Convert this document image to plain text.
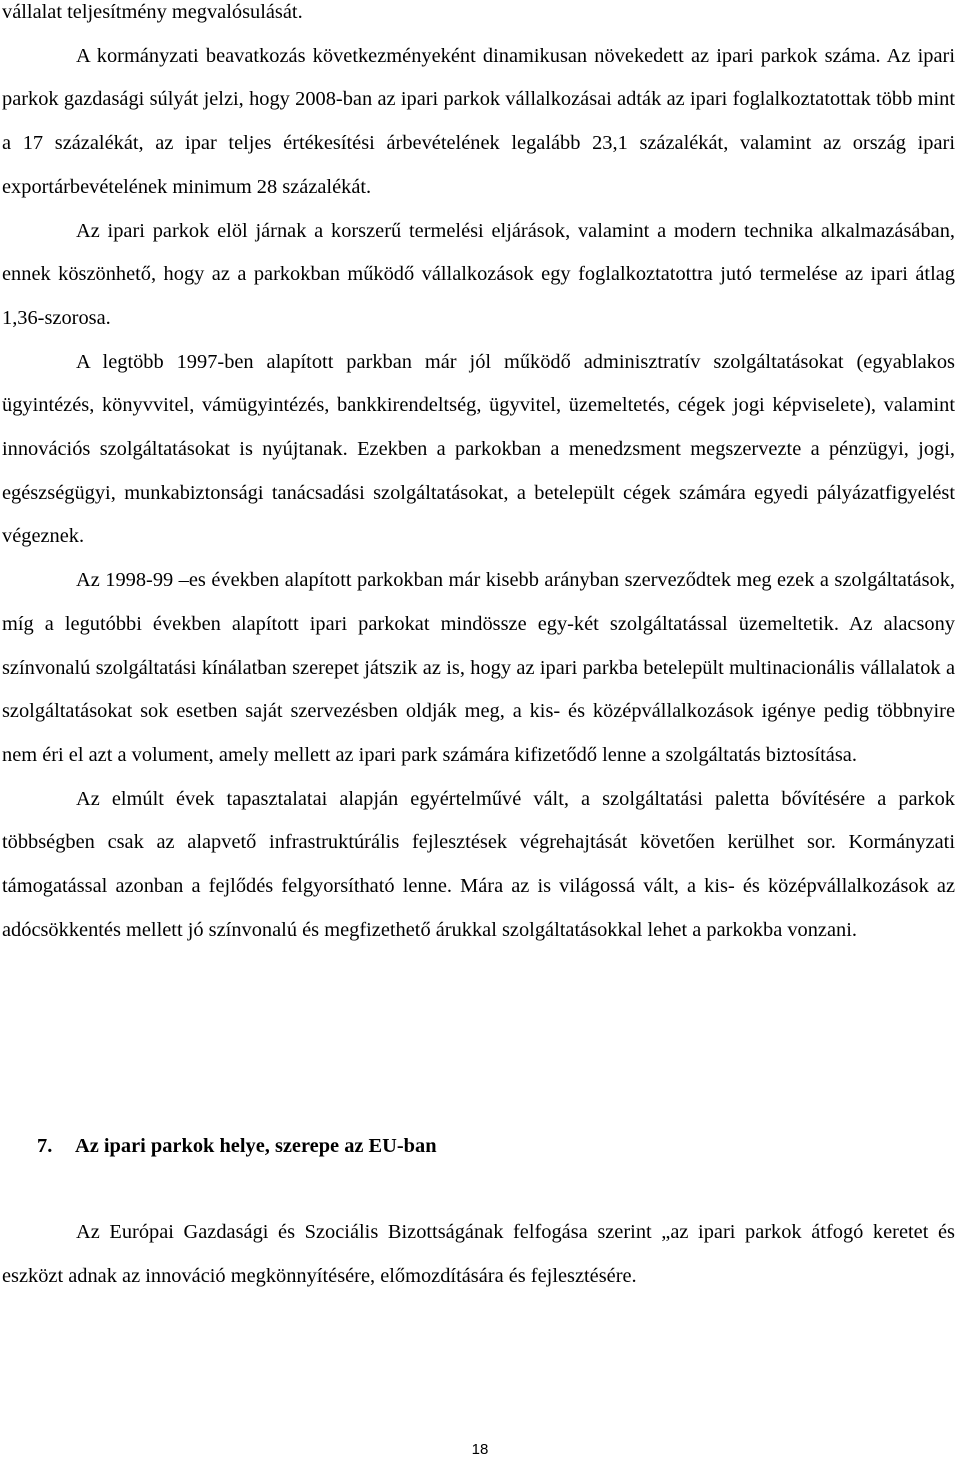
vállalat teljesítmény megvalósulását.

A kormányzati beavatkozás következményeként dinamikusan növekedett az ipari parkok száma. Az ipari parkok gazdasági súlyát jelzi, hogy 2008-ban az ipari parkok vállalkozásai adták az ipari foglalkoztatottak több mint a 17 százalékát, az ipar teljes értékesítési árbevételének legalább 23,1 százalékát, valamint az ország ipari exportárbevételének minimum 28 százalékát.

Az ipari parkok elöl járnak a korszerű termelési eljárások, valamint a modern technika alkalmazásában, ennek köszönhető, hogy az a parkokban működő vállalkozások egy foglalkoztatottra jutó termelése az ipari átlag 1,36-szorosa.

A legtöbb 1997-ben alapított parkban már jól működő adminisztratív szolgáltatásokat (egyablakos ügyintézés, könyvvitel, vámügyintézés, bankkirendeltség, ügyvitel, üzemeltetés, cégek jogi képviselete), valamint innovációs szolgáltatásokat is nyújtanak. Ezekben a parkokban a menedzsment megszervezte a pénzügyi, jogi, egészségügyi, munkabiztonsági tanácsadási szolgáltatásokat, a betelepült cégek számára egyedi pályázatfigyelést végeznek.

Az 1998-99 –es években alapított parkokban már kisebb arányban szerveződtek meg ezek a szolgáltatások, míg a legutóbbi években alapított ipari parkokat mindössze egy-két szolgáltatással üzemeltetik. Az alacsony színvonalú szolgáltatási kínálatban szerepet játszik az is, hogy az ipari parkba betelepült multinacionális vállalatok a szolgáltatásokat sok esetben saját szervezésben oldják meg, a kis- és középvállalkozások igénye pedig többnyire nem éri el azt a volument, amely mellett az ipari park számára kifizetődő lenne a szolgáltatás biztosítása.

Az elmúlt évek tapasztalatai alapján egyértelművé vált, a szolgáltatási paletta bővítésére a parkok többségben csak az alapvető infrastruktúrális fejlesztések végrehajtását követően kerülhet sor. Kormányzati támogatással azonban a fejlődés felgyorsítható lenne. Mára az is világossá vált, a kis- és középvállalkozások az adócsökkentés mellett jó színvonalú és megfizethető árukkal szolgáltatásokkal lehet a parkokba vonzani.

7. Az ipari parkok helye, szerepe az EU-ban

Az Európai Gazdasági és Szociális Bizottságának felfogása szerint „az ipari parkok átfogó keretet és eszközt adnak az innováció megkönnyítésére, előmozdítására és fejlesztésére.

18
